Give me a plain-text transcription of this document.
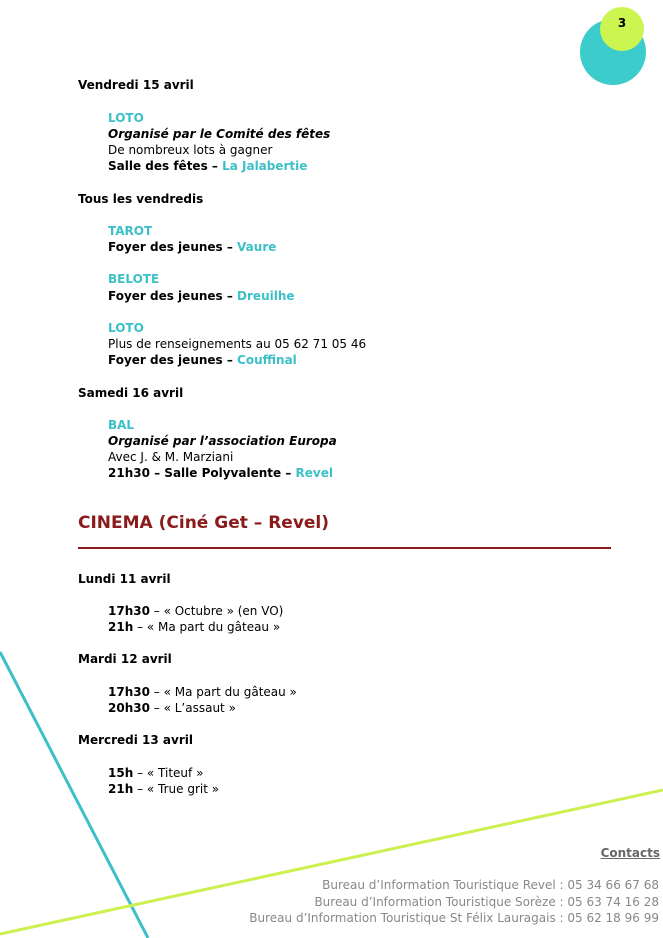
3
Vendredi 15 avril
LOTO
Organisé par le Comité des fêtes
De nombreux lots à gagner
Salle des fêtes – La Jalabertie
Tous les vendredis
TAROT
Foyer des jeunes – Vaure
BELOTE
Foyer des jeunes – Dreuilhe
LOTO
Plus de renseignements au 05 62 71 05 46
Foyer des jeunes – Couffinal
Samedi 16 avril
BAL
Organisé par l’association Europa
Avec J. & M. Marziani
21h30 – Salle Polyvalente – Revel
CINEMA (Ciné Get – Revel)
Lundi 11 avril
17h30 – « Octubre » (en VO)
21h – « Ma part du gâteau »
Mardi 12 avril
17h30 – « Ma part du gâteau »
20h30 – « L’assaut »
Mercredi 13 avril
15h – « Titeuf »
21h – « True grit »
Contacts
Bureau d’Information Touristique Revel : 05 34 66 67 68
Bureau d’Information Touristique Sorèze : 05 63 74 16 28
Bureau d’Information Touristique St Félix Lauragais : 05 62 18 96 99
